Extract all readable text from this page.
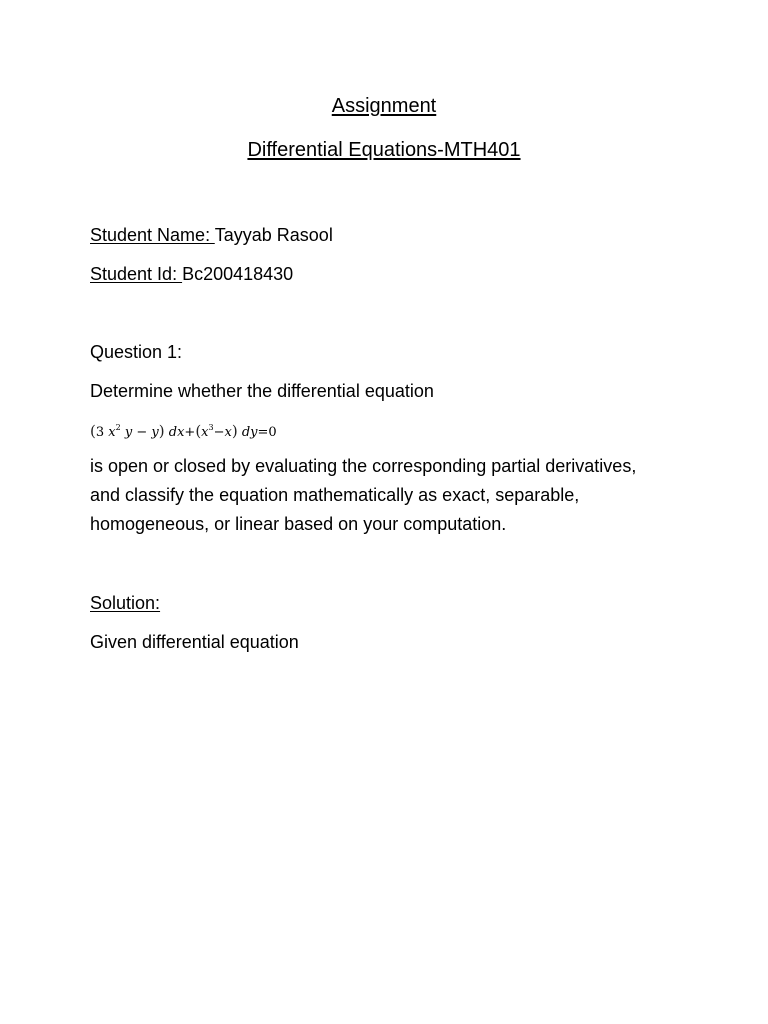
Assignment
Differential Equations-MTH401
Student Name: Tayyab Rasool
Student Id: Bc200418430
Question 1:
Determine whether the differential equation
(3 $x^2$ y − y) $dx+(x^3-x)$ dy=0
is open or closed by evaluating the corresponding partial derivatives,
and classify the equation mathematically as exact, separable,
homogeneous, or linear based on your computation.
Solution:
Given differential equation
